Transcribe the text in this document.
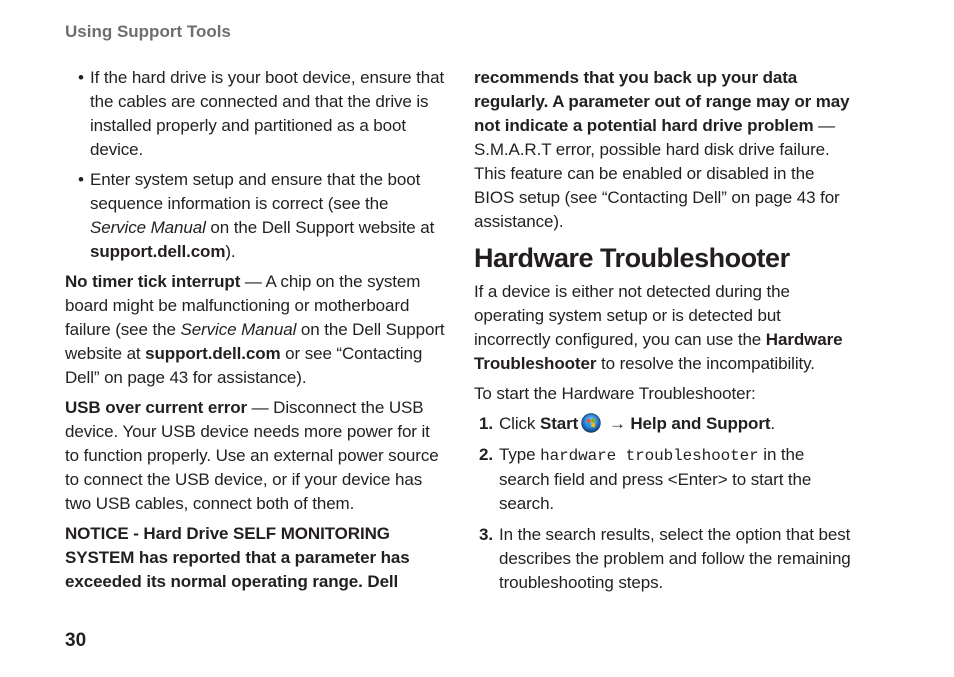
Using Support Tools
• If the hard drive is your boot device, ensure that the cables are connected and that the drive is installed properly and partitioned as a boot device.
• Enter system setup and ensure that the boot sequence information is correct (see the Service Manual on the Dell Support website at support.dell.com).

No timer tick interrupt — A chip on the system board might be malfunctioning or motherboard failure (see the Service Manual on the Dell Support website at support.dell.com or see “Contacting Dell” on page 43 for assistance).

USB over current error — Disconnect the USB device. Your USB device needs more power for it to function properly. Use an external power source to connect the USB device, or if your device has two USB cables, connect both of them.

NOTICE - Hard Drive SELF MONITORING SYSTEM has reported that a parameter has exceeded its normal operating range. Dell

recommends that you back up your data regularly. A parameter out of range may or may not indicate a potential hard drive problem — S.M.A.R.T error, possible hard disk drive failure. This feature can be enabled or disabled in the BIOS setup (see “Contacting Dell” on page 43 for assistance).

Hardware Troubleshooter

If a device is either not detected during the operating system setup or is detected but incorrectly configured, you can use the Hardware Troubleshooter to resolve the incompatibility.

To start the Hardware Troubleshooter:

1. Click Start → Help and Support.
2. Type hardware troubleshooter in the search field and press <Enter> to start the search.
3. In the search results, select the option that best describes the problem and follow the remaining troubleshooting steps.
30
